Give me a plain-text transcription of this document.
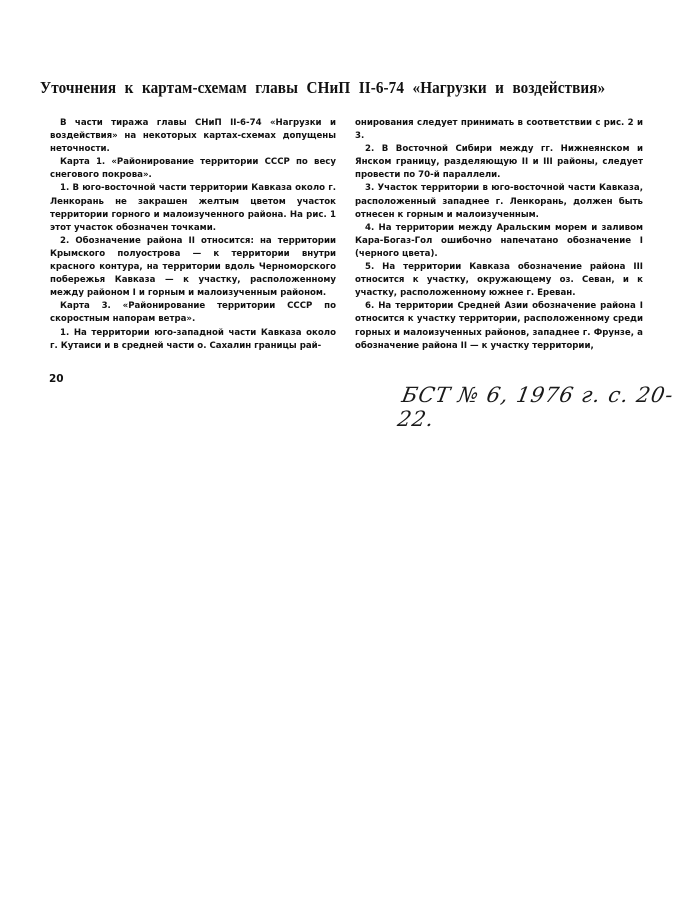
Уточнения к картам-схемам главы СНиП II-6-74 «Нагрузки и воздействия»

В части тиража главы СНиП II-6-74 «Нагрузки и воздействия» на некоторых картах-схемах допущены неточности.

Карта 1. «Районирование территории СССР по весу снегового покрова».

1. В юго-восточной части территории Кавказа около г. Ленкорань не закрашен желтым цветом участок территории горного и малоизученного района. На рис. 1 этот участок обозначен точками.

2. Обозначение района II относится: на территории Крымского полуострова — к территории внутри красного контура, на территории вдоль Черноморского побережья Кавказа — к участку, расположенному между районом I и горным и малоизученным районом.

Карта 3. «Районирование территории СССР по скоростным напорам ветра».

1. На территории юго-западной части Кавказа около г. Кутаиси и в средней части о. Сахалин границы рай-

онирования следует принимать в соответствии с рис. 2 и 3.

2. В Восточной Сибири между гг. Нижнеянском и Янском границу, разделяющую II и III районы, следует провести по 70-й параллели.

3. Участок территории в юго-восточной части Кавказа, расположенный западнее г. Ленкорань, должен быть отнесен к горным и малоизученным.

4. На территории между Аральским морем и заливом Кара-Богаз-Гол ошибочно напечатано обозначение I (черного цвета).

5. На территории Кавказа обозначение района III относится к участку, окружающему оз. Севан, и к участку, расположенному южнее г. Ереван.

6. На территории Средней Азии обозначение района I относится к участку территории, расположенному среди горных и малоизученных районов, западнее г. Фрунзе, а обозначение района II — к участку территории,

20
БСТ № 6, 1976 г. с. 20-22.
